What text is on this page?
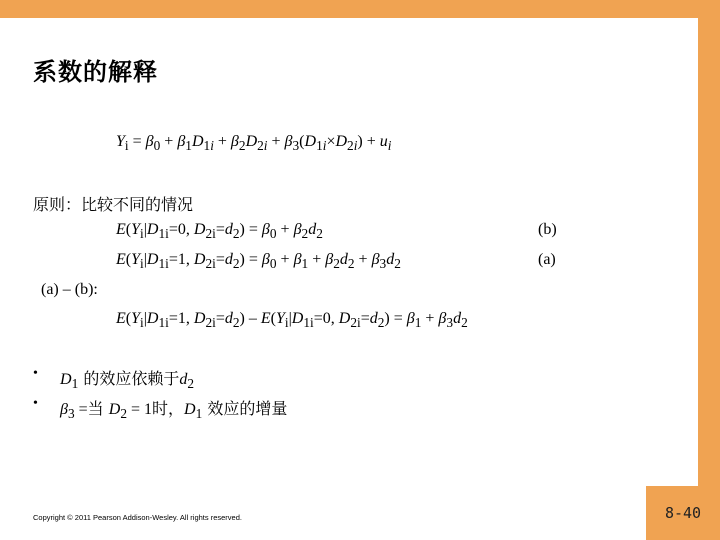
系数的解释
$Y_i = \beta_0 + \beta_1D_{1i} + \beta_2D_{2i} + \beta_3(D_{1i}\times D_{2i}) + u_i$
原则：比较不同的情况
$E(Y_i|D_{1i}=0$, $D_{2i}=d_2) = \beta_0 + \beta_2d_2$	(b)
$E(Y_i|D_{1i}=1$, $D_{2i}=d_2) = \beta_0 + \beta_1 + \beta_2d_2 + \beta_3d_2$	(a)
(a) – (b):
$E(Y_i|D_{1i}=1$, $D_{2i}=d_2) - E(Y_i|D_{1i}=0$, $D_{2i}=d_2) = \beta_1 + \beta_3d_2$
• $D_1$ 的效应依赖于$d_2$
• $\beta_3$ =当 $D_2 = 1$时，$D_1$ 效应的增量
Copyright © 2011 Pearson Addison-Wesley. All rights reserved.	8-40
